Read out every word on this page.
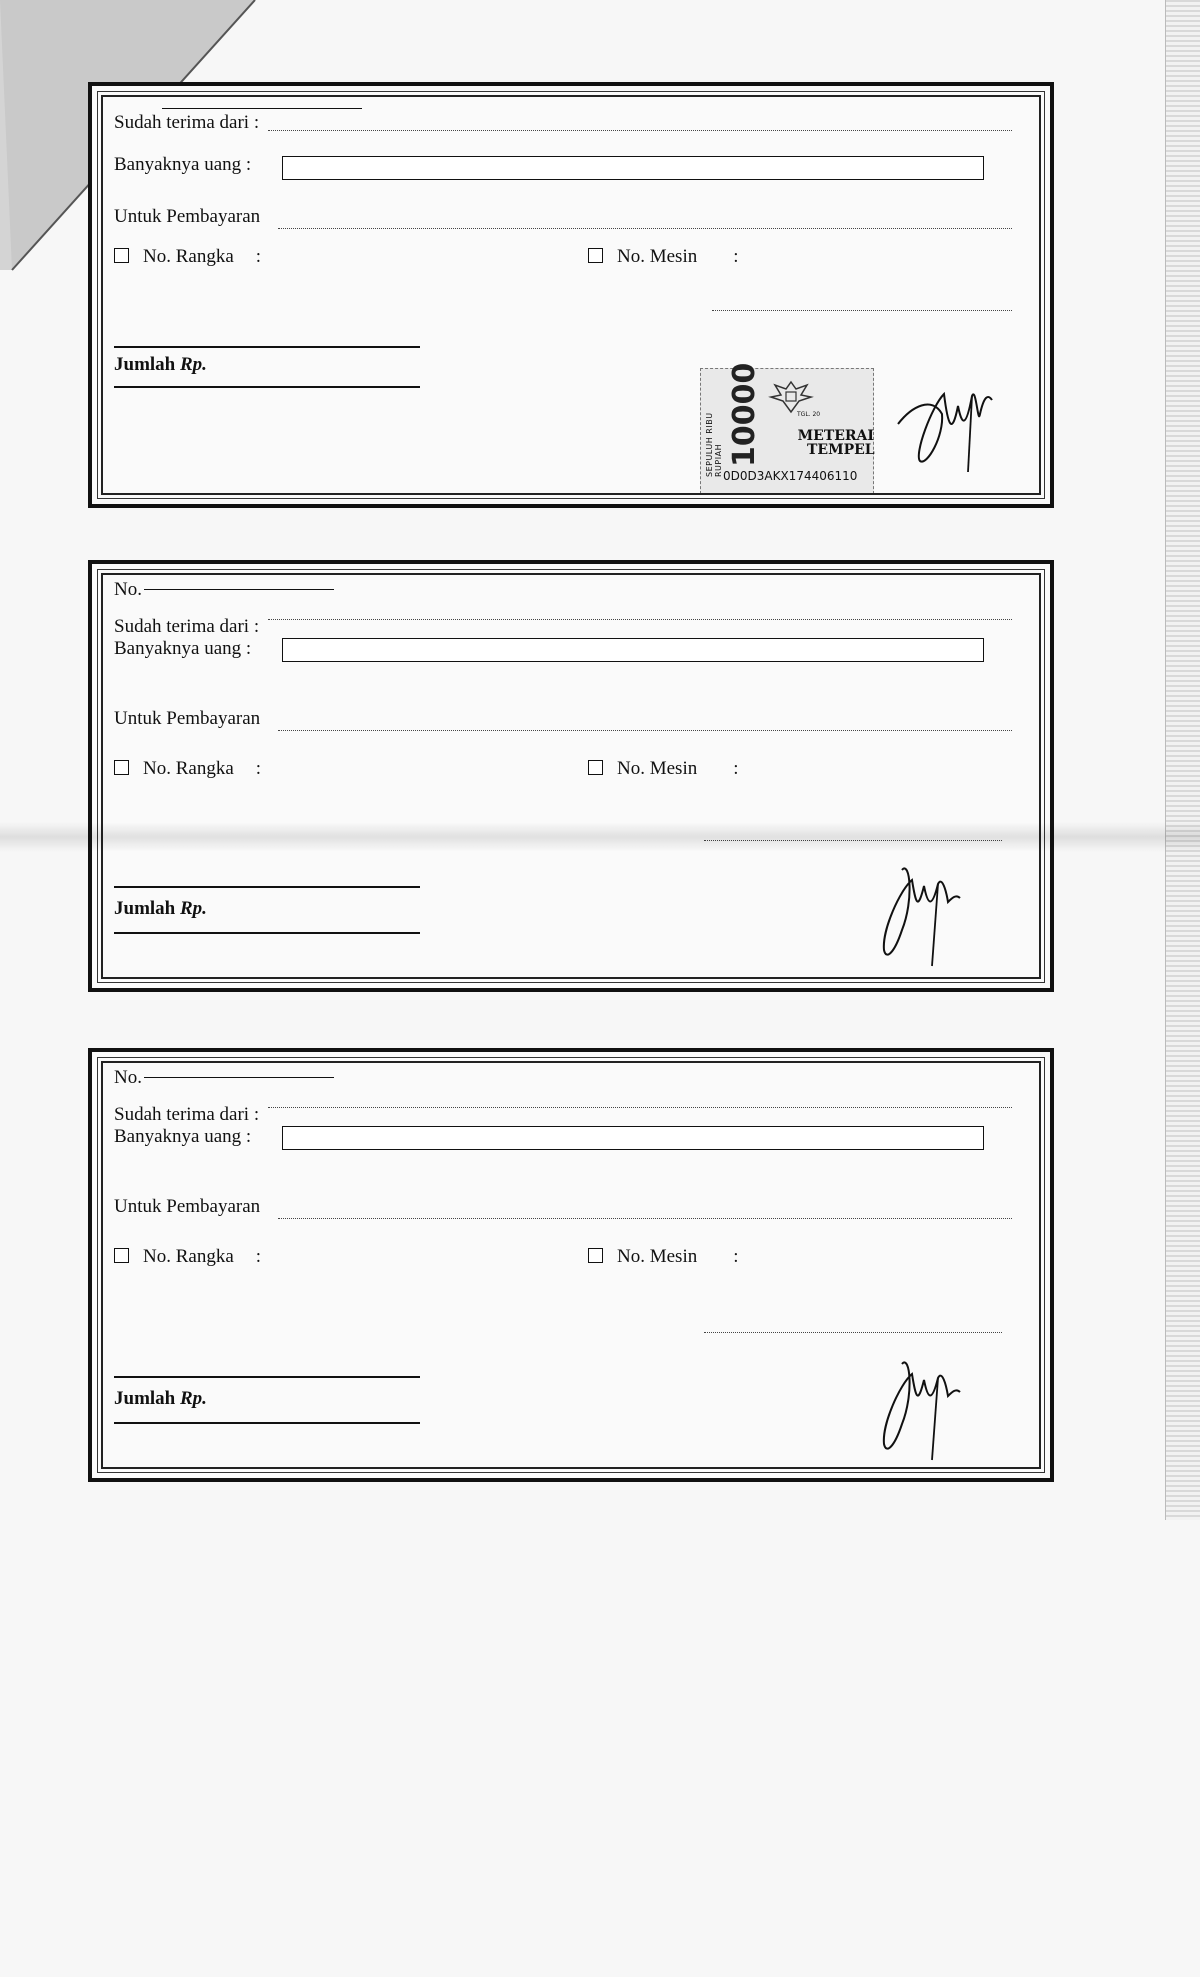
Sudah terima dari :
Banyaknya uang :
Untuk Pembayaran
No. Rangka :	No. Mesin :
Jumlah Rp.
SEPULUH RIBU RUPIAH 10000	TGL. 20
METERAI
TEMPEL
0D0D3AKX174406110
No.
Sudah terima dari :
Banyaknya uang :
Untuk Pembayaran
No. Rangka :	No. Mesin :
Jumlah Rp.
No.
Sudah terima dari :
Banyaknya uang :
Untuk Pembayaran
No. Rangka :	No. Mesin :
Jumlah Rp.
